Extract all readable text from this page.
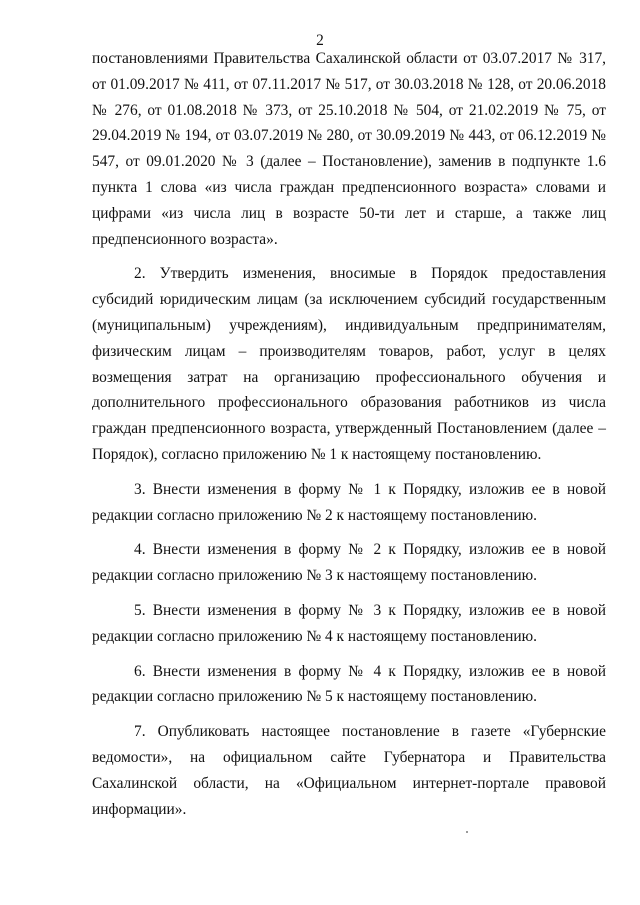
2

постановлениями Правительства Сахалинской области от 03.07.2017 № 317, от 01.09.2017 № 411, от 07.11.2017 № 517, от 30.03.2018 № 128, от 20.06.2018 № 276, от 01.08.2018 № 373, от 25.10.2018 № 504, от 21.02.2019 № 75, от 29.04.2019 № 194, от 03.07.2019 № 280, от 30.09.2019 № 443, от 06.12.2019 № 547, от 09.01.2020 № 3 (далее – Постановление), заменив в подпункте 1.6 пункта 1 слова «из числа граждан предпенсионного возраста» словами и цифрами «из числа лиц в возрасте 50-ти лет и старше, а также лиц предпенсионного возраста».

2. Утвердить изменения, вносимые в Порядок предоставления субсидий юридическим лицам (за исключением субсидий государственным (муниципальным) учреждениям), индивидуальным предпринимателям, физическим лицам – производителям товаров, работ, услуг в целях возмещения затрат на организацию профессионального обучения и дополнительного профессионального образования работников из числа граждан предпенсионного возраста, утвержденный Постановлением (далее – Порядок), согласно приложению № 1 к настоящему постановлению.

3. Внести изменения в форму № 1 к Порядку, изложив ее в новой редакции согласно приложению № 2 к настоящему постановлению.

4. Внести изменения в форму № 2 к Порядку, изложив ее в новой редакции согласно приложению № 3 к настоящему постановлению.

5. Внести изменения в форму № 3 к Порядку, изложив ее в новой редакции согласно приложению № 4 к настоящему постановлению.

6. Внести изменения в форму № 4 к Порядку, изложив ее в новой редакции согласно приложению № 5 к настоящему постановлению.

7. Опубликовать настоящее постановление в газете «Губернские ведомости», на официальном сайте Губернатора и Правительства Сахалинской области, на «Официальном интернет-портале правовой информации».
